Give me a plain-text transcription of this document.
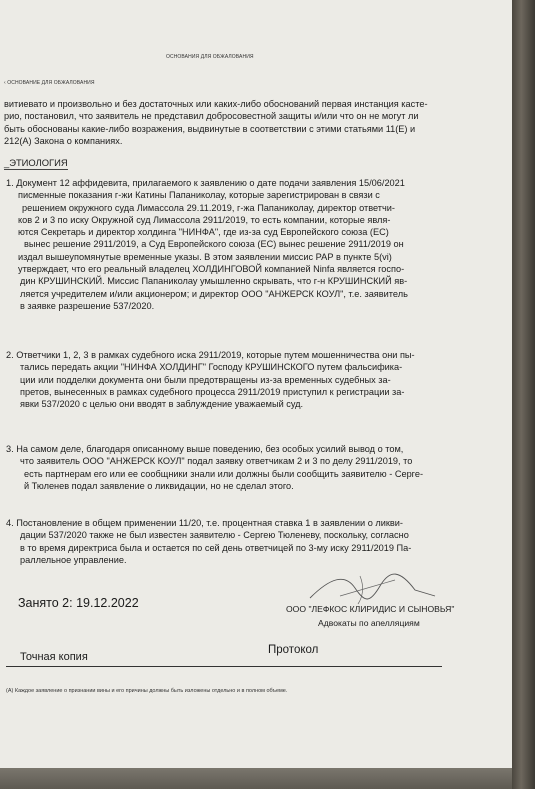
ОСНОВАНИЯ ДЛЯ ОБЖАЛОВАНИЯ
‹ ОСНОВАНИЕ ДЛЯ ОБЖАЛОВАНИЯ
витиевато и произвольно и без достаточных или каких-либо обоснований первая инстанция касте-
рио, постановил, что заявитель не представил добросовестной защиты и/или что он не могут ли
быть обоснованы какие-либо возражения, выдвинутые в соответствии с этими статьями 11(E) и
212(A) Закона о компаниях.
_ЭТИОЛОГИЯ
1. Документ 12 аффидевита, прилагаемого к заявлению о дате подачи заявления 15/06/2021
писменные показания г-жи Катины Папаниколау, которые зарегистрирован в связи с
решением окружного суда Лимассола 29.11.2019, г-жа Папаниколау, директор ответчи-
ков 2 и 3 по иску Окружной суд Лимассола 2911/2019, то есть компании, которые явля-
ются Секретарь и директор холдинга "НИНФА", где из-за суд Европейского союза (ЕС)
вынес решение 2911/2019, а Суд Европейского союза (ЕС) вынес решение 2911/2019 он
издал вышеупомянутые временные указы. В этом заявлении миссис РАР в пункте 5(vi)
утверждает, что его реальный владелец ХОЛДИНГОВОЙ компанией Ninfa является госпо-
дин КРУШИНСКИЙ. Миссис Папаниколау умышленно скрывать, что г-н КРУШИНСКИЙ яв-
ляется учредителем и/или акционером; и директор ООО "АНЖЕРСК КОУЛ", т.е. заявитель
в заявке разрешение 537/2020.
2. Ответчики 1, 2, 3 в рамках судебного иска 2911/2019, которые путем мошенничества они пы-
тались передать акции "НИНФА ХОЛДИНГ" Господу КРУШИНСКОГО путем фальсифика-
ции или подделки документа они были предотвращены из-за временных судебных за-
претов, вынесенных в рамках судебного процесса 2911/2019 приступил к регистрации за-
явки 537/2020 с целью они вводят в заблуждение уважаемый суд.
3. На самом деле, благодаря описанному выше поведению, без особых усилий вывод о том,
что заявитель ООО "АНЖЕРСК КОУЛ" подал заявку ответчикам 2 и 3 по делу 2911/2019, то
есть партнерам его или ее сообщники знали или должны были сообщить заявителю - Серге-
й Тюленев подал заявление о ликвидации, но не сделал этого.
4. Постановление в общем применении 11/20, т.е. процентная ставка 1 в заявлении о ликви-
дации 537/2020 также не был известен заявителю - Сергею Тюленеву, поскольку, согласно
в то время директриса была и остается по сей день ответчицей по 3-му иску 2911/2019 Па-
раллельное управление.
Занято 2: 19.12.2022	ООО "ЛЕФКОС КЛИРИДИС И СЫНОВЬЯ"
Адвокаты по апелляциям
Точная копия
Протокол
(А) Каждое заявление о признании вины и его причины должны быть изложены отдельно и в полном объеме.
